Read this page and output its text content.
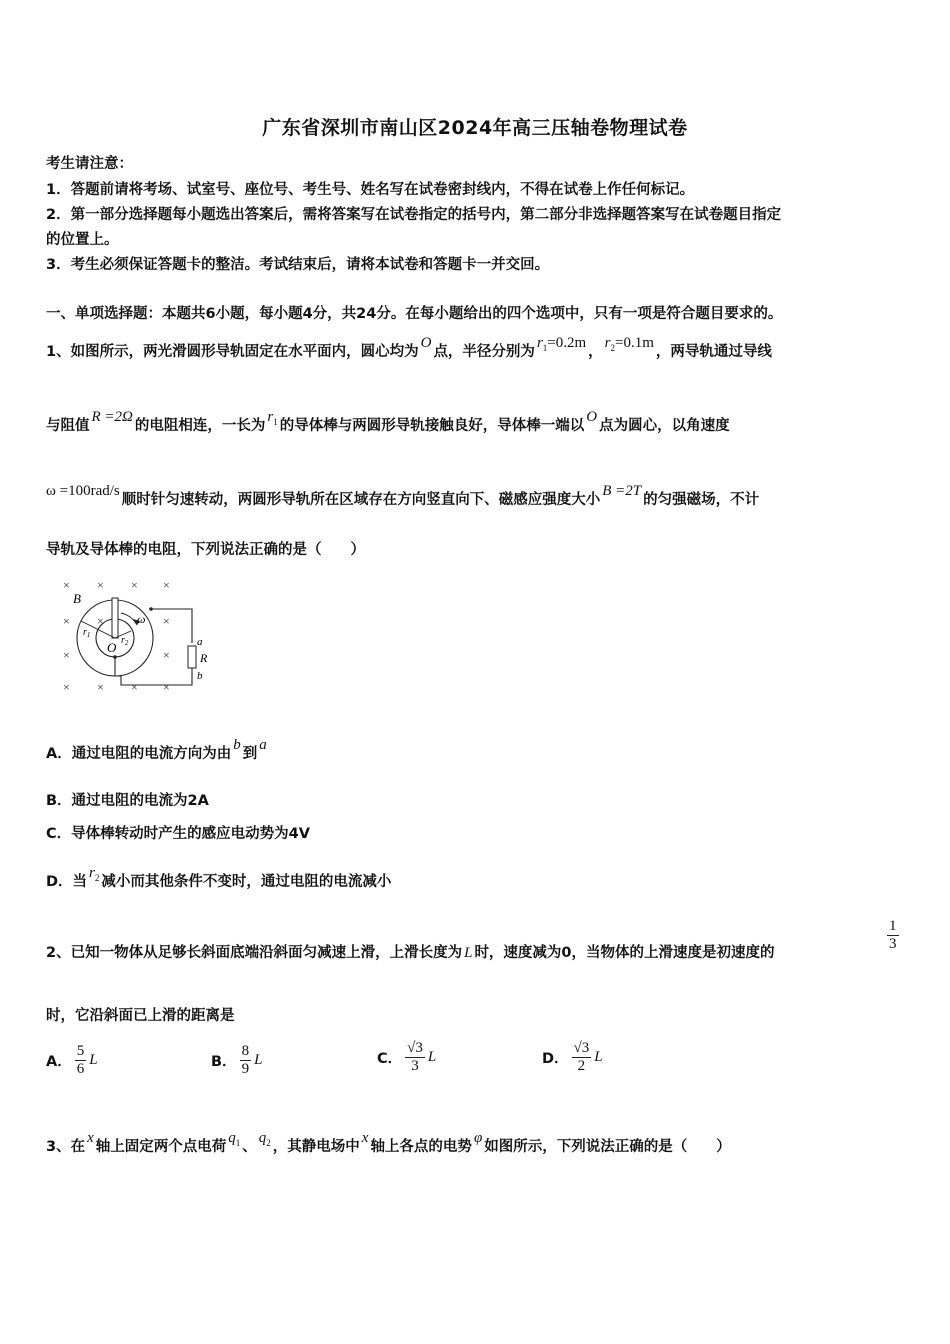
广东省深圳市南山区2024年高三压轴卷物理试卷
考生请注意：
1．答题前请将考场、试室号、座位号、考生号、姓名写在试卷密封线内，不得在试卷上作任何标记。
2．第一部分选择题每小题选出答案后，需将答案写在试卷指定的括号内，第二部分非选择题答案写在试卷题目指定
的位置上。
3．考生必须保证答题卡的整洁。考试结束后，请将本试卷和答题卡一并交回。
一、单项选择题：本题共6小题，每小题4分，共24分。在每小题给出的四个选项中，只有一项是符合题目要求的。
1、如图所示，两光滑圆形导轨固定在水平面内，圆心均为O点，半径分别为$r_1=0.2m$，$r_2=0.1m$，两导轨通过导线
与阻值R =2Ω的电阻相连，一长为$r_1$ 的导体棒与两圆形导轨接触良好，导体棒一端以O点为圆心，以角速度
ω =100rad/s顺时针匀速转动，两圆形导轨所在区域存在方向竖直向下、磁感应强度大小B =2T的匀强磁场，不计
导轨及导体棒的电阻，下列说法正确的是（　　）
× × × ×
× ×	×
×	×
× × × ×
B
O
$r_1$	$r_2$
ω
a
R
b
A．通过电阻的电流方向为由b到a
B．通过电阻的电流为2A
C．导体棒转动时产生的感应电动势为4V
D．当$r_2$ 减小而其他条件不变时，通过电阻的电流减小
2、已知一物体从足够长斜面底端沿斜面匀减速上滑，上滑长度为 L 时，速度减为0，当物体的上滑速度是初速度的	$\frac{1}{3}$
时，它沿斜面已上滑的距离是
A． $\frac{5}{6}$ L	B． $\frac{8}{9}$ L	C． $\frac{√3}{3}$ L	D． $\frac{√3}{2}$ L
3、在x轴上固定两个点电荷$q_1$ 、$q_2$ ，其静电场中x轴上各点的电势φ如图所示，下列说法正确的是（　　）
